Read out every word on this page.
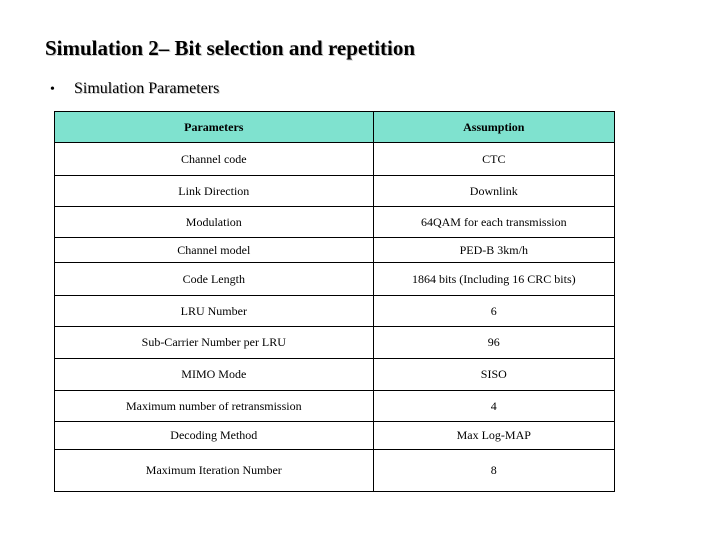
Simulation 2– Bit selection and repetition
• Simulation Parameters
Parameters	Assumption
Channel code	CTC
Link Direction	Downlink
Modulation	64QAM for each transmission
Channel model	PED-B 3km/h
Code Length	1864 bits (Including 16 CRC bits)
LRU Number	6
Sub-Carrier Number per LRU	96
MIMO Mode	SISO
Maximum number of retransmission	4
Decoding Method	Max Log-MAP
Maximum Iteration Number	8
